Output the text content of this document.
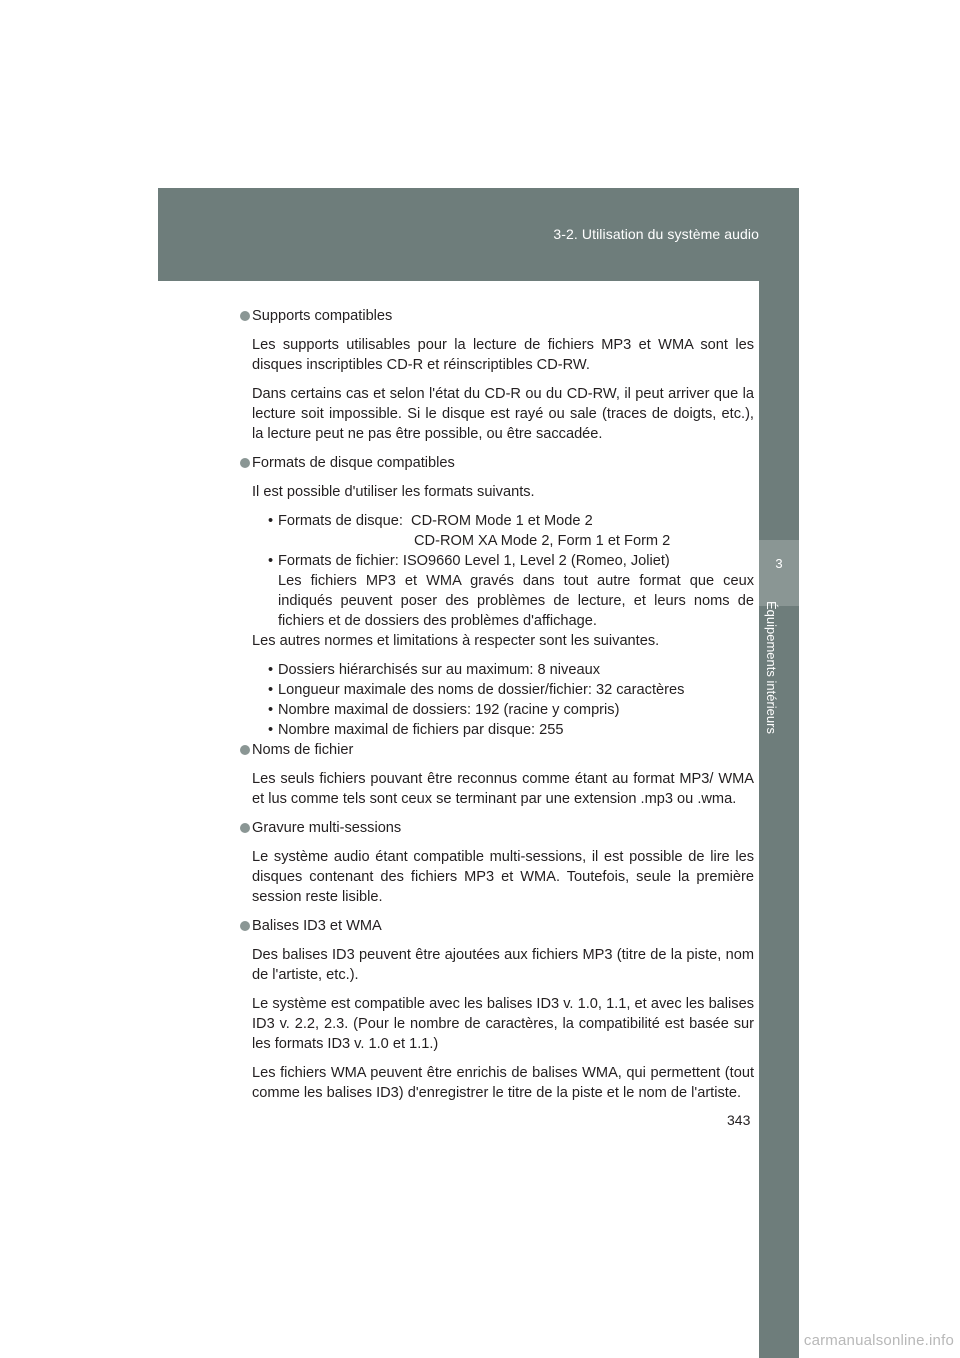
3-2. Utilisation du système audio
3
Équipements intérieurs
Supports compatibles

Les supports utilisables pour la lecture de fichiers MP3 et WMA sont les disques inscriptibles CD-R et réinscriptibles CD-RW.

Dans certains cas et selon l'état du CD-R ou du CD-RW, il peut arriver que la lecture soit impossible. Si le disque est rayé ou sale (traces de doigts, etc.), la lecture peut ne pas être possible, ou être saccadée.

Formats de disque compatibles

Il est possible d'utiliser les formats suivants.

• Formats de disque:  CD-ROM Mode 1 et Mode 2
CD-ROM XA Mode 2, Form 1 et Form 2
• Formats de fichier: ISO9660 Level 1, Level 2 (Romeo, Joliet)
Les fichiers MP3 et WMA gravés dans tout autre format que ceux indiqués peuvent poser des problèmes de lecture, et leurs noms de fichiers et de dossiers des problèmes d'affichage.

Les autres normes et limitations à respecter sont les suivantes.

• Dossiers hiérarchisés sur au maximum: 8 niveaux
• Longueur maximale des noms de dossier/fichier: 32 caractères
• Nombre maximal de dossiers: 192 (racine y compris)
• Nombre maximal de fichiers par disque: 255
Noms de fichier

Les seuls fichiers pouvant être reconnus comme étant au format MP3/ WMA et lus comme tels sont ceux se terminant par une extension .mp3 ou .wma.

Gravure multi-sessions

Le système audio étant compatible multi-sessions, il est possible de lire les disques contenant des fichiers MP3 et WMA. Toutefois, seule la première session reste lisible.

Balises ID3 et WMA

Des balises ID3 peuvent être ajoutées aux fichiers MP3 (titre de la piste, nom de l'artiste, etc.).

Le système est compatible avec les balises ID3 v. 1.0, 1.1, et avec les balises ID3 v. 2.2, 2.3. (Pour le nombre de caractères, la compatibilité est basée sur les formats ID3 v. 1.0 et 1.1.)

Les fichiers WMA peuvent être enrichis de balises WMA, qui permettent (tout comme les balises ID3) d'enregistrer le titre de la piste et le nom de l'artiste.

343
carmanualsonline.info
